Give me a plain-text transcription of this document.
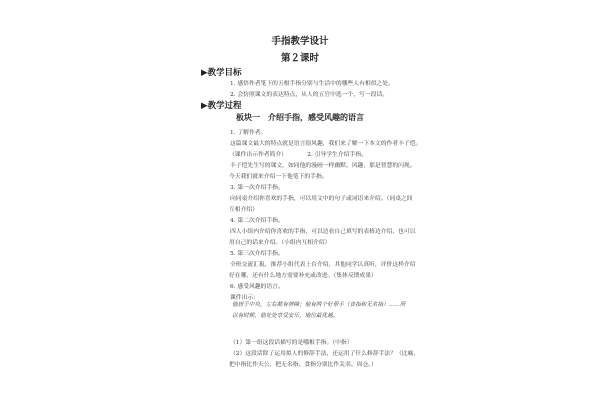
手指教学设计
第２课时
▶教学目标
1. 感悟作者笔下的五根手指分别与生活中的哪些人有相似之处。
2. 会仿照课文的表达特点，从人的五官中选一个，写一段话。
▶教学过程
板块一　介绍手指，感受风趣的语言
1. 了解作者。
这篇课文最大的特点就是语言很风趣，我们来了解一下本文的作者丰子恺。
（课件出示作者简介）　　　　2. 引导学生介绍手指。
丰子恺先生写的课文，如同他的漫画一样幽默、风趣，那是智慧的闪现。
今天我们就来介绍一下他笔下的手指。
3. 第一次介绍手指。
向同桌介绍你喜欢的手指，可以用文中的句子或词语来介绍。（同桌之间
互相介绍）
4. 第二次介绍手指。
四人小组内介绍你喜欢的手指，可以边看自己填写的表格边介绍，也可以
用自己的话来介绍。（小组内互相介绍）
5. 第三次介绍手指。
全班交流汇报，推荐小组代表上台介绍，其他同学认真听，评价这样介绍
好在哪，还有什么地方需要补充或改进。（集体反馈成果）
6. 感受风趣的语言。
课件出示：
他居于中央，左右都有屏障；他有两个好帮手（食指和无名指）……所以有时候，他处处享受安乐，地位最优越。
（1）第一组这段话描写的是哪根手指。（中指）
（2）这段话除了运用拟人的修辞手法，还运用了什么修辞手法？（比喻，
把中指比作天公，把无名指、食指分别比作关羽、周仓。）
